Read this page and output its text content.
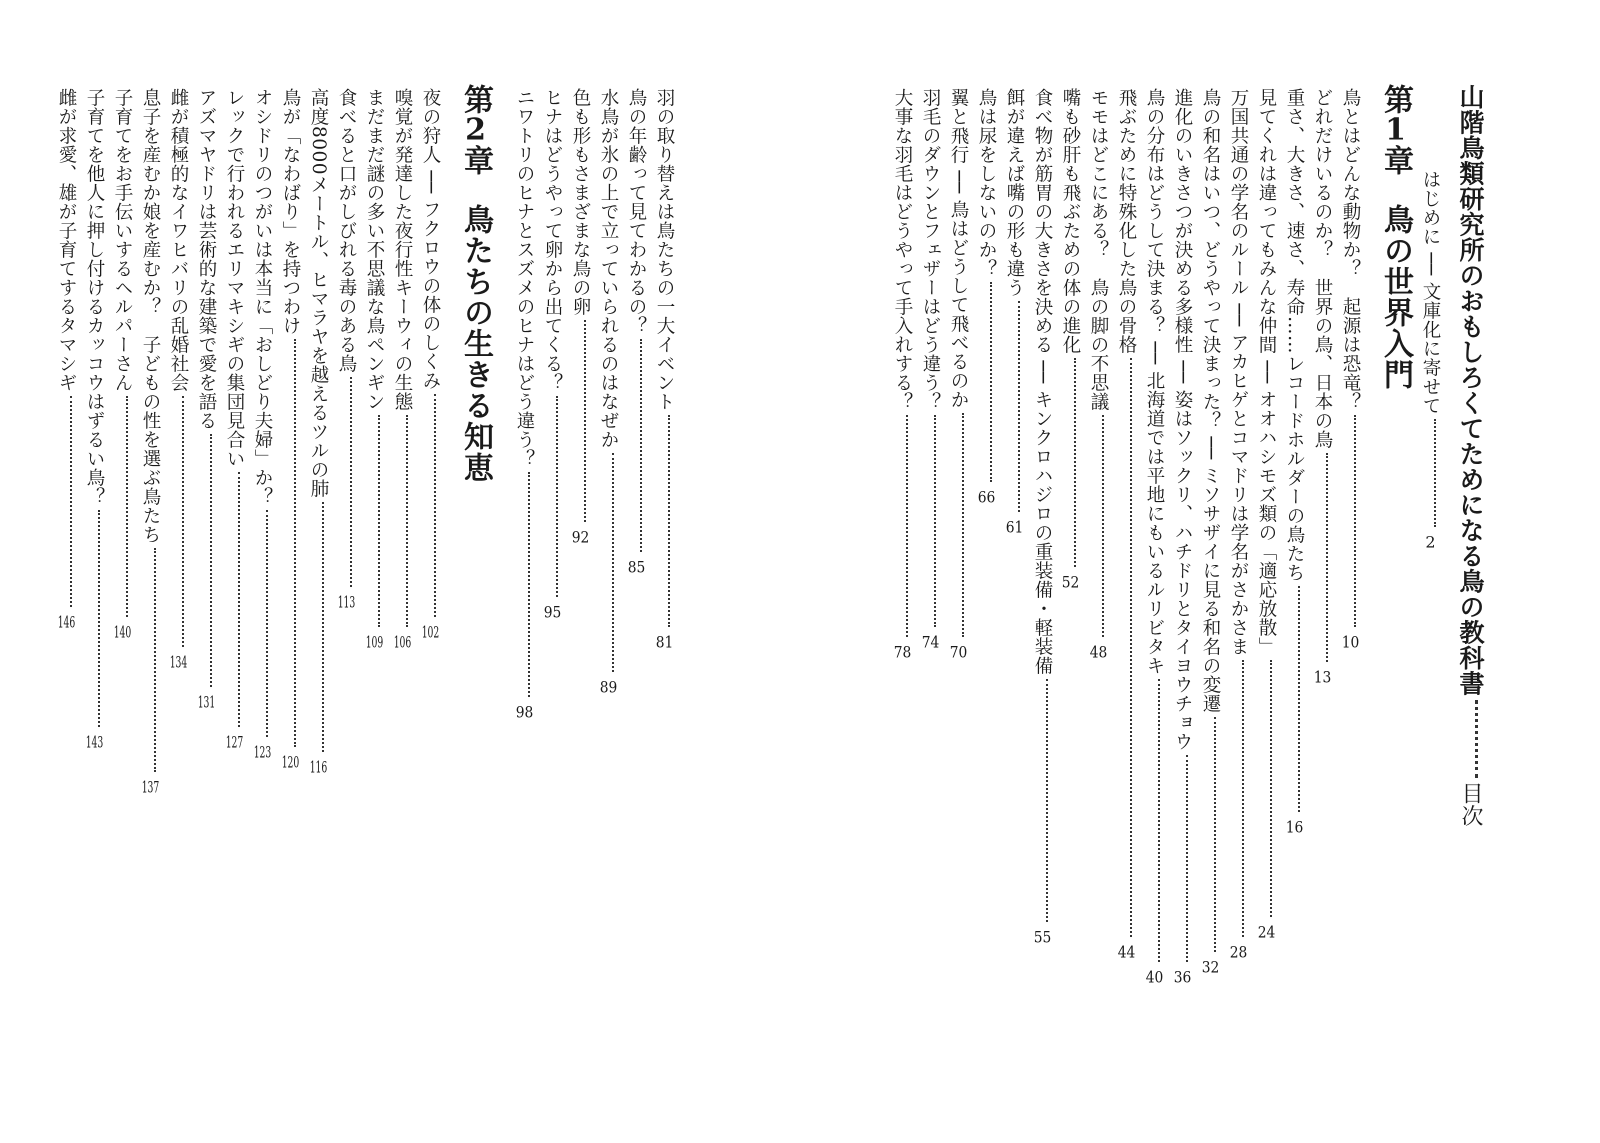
山階鳥類研究所のおもしろくてためになる鳥の教科書目次
はじめに ── 文庫化に寄せて2
第1章鳥の世界入門
鳥とはどんな動物か？　起源は恐竜？10
どれだけいるのか？　世界の鳥、日本の鳥13
重さ、大きさ、速さ、寿命……レコードホルダーの鳥たち16
見てくれは違ってもみんな仲間 ── オオハシモズ類の「適応放散」24
万国共通の学名のルール ── アカヒゲとコマドリは学名がさかさま28
鳥の和名はいつ、どうやって決まった？ ── ミソサザイに見る和名の変遷32
進化のいきさつが決める多様性 ── 姿はソックリ、ハチドリとタイヨウチョウ36
鳥の分布はどうして決まる？ ── 北海道では平地にもいるルリビタキ40
飛ぶために特殊化した鳥の骨格44
モモはどこにある？　鳥の脚の不思議48
嘴も砂肝も飛ぶための体の進化52
食べ物が筋胃の大きさを決める ── キンクロハジロの重装備・軽装備55
餌が違えば嘴の形も違う61
鳥は尿をしないのか？66
翼と飛行 ── 鳥はどうして飛べるのか70
羽毛のダウンとフェザーはどう違う？74
大事な羽毛はどうやって手入れする？78
第2章鳥たちの生きる知恵	羽の取り替えは鳥たちの一大イベント81
鳥の年齢って見てわかるの？85
水鳥が氷の上で立っていられるのはなぜか89
色も形もさまざまな鳥の卵92
ヒナはどうやって卵から出てくる？95
ニワトリのヒナとスズメのヒナはどう違う？98
夜の狩人 ── フクロウの体のしくみ102
嗅覚が発達した夜行性キーウィの生態106
まだまだ謎の多い不思議な鳥ペンギン109
食べると口がしびれる毒のある鳥113
高度8000メートル、ヒマラヤを越えるツルの肺116
鳥が「なわばり」を持つわけ120
オシドリのつがいは本当に「おしどり夫婦」か？123
レックで行われるエリマキシギの集団見合い127
アズマヤドリは芸術的な建築で愛を語る131
雌が積極的なイワヒバリの乱婚社会134
息子を産むか娘を産むか？　子どもの性を選ぶ鳥たち137
子育てをお手伝いするヘルパーさん140
子育てを他人に押し付けるカッコウはずるい鳥？143
雌が求愛、雄が子育てするタマシギ146
